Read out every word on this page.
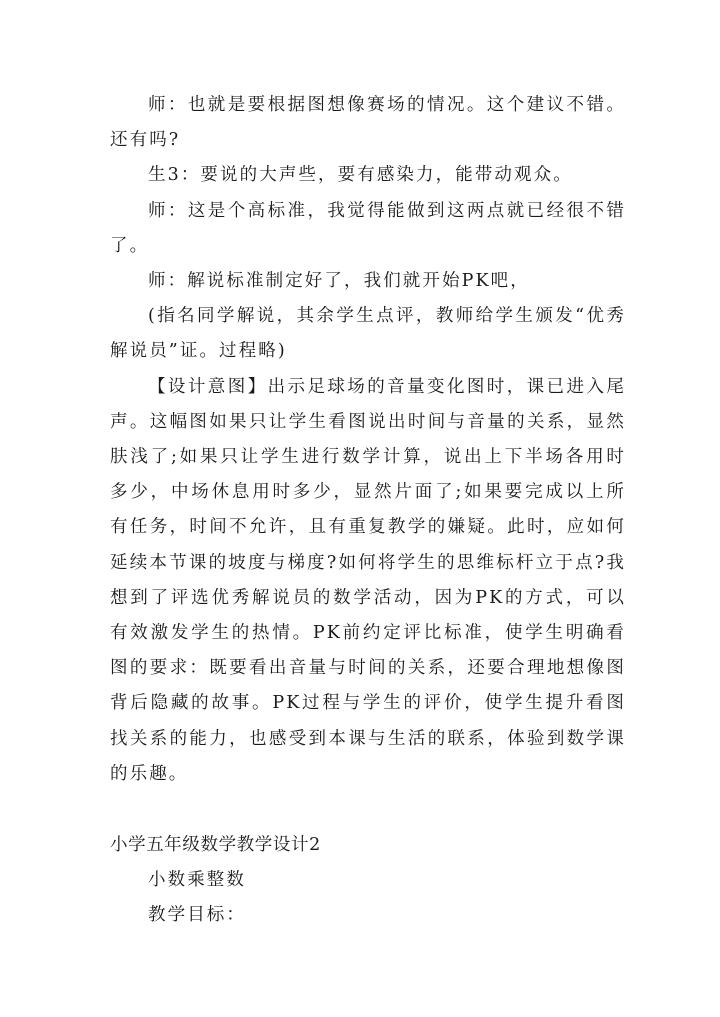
师：也就是要根据图想像赛场的情况。这个建议不错。还有吗?

生3：要说的大声些，要有感染力，能带动观众。

师：这是个高标准，我觉得能做到这两点就已经很不错了。

师：解说标准制定好了，我们就开始PK吧，

(指名同学解说，其余学生点评，教师给学生颁发“优秀解说员”证。过程略)

【设计意图】出示足球场的音量变化图时，课已进入尾声。这幅图如果只让学生看图说出时间与音量的关系，显然肤浅了;如果只让学生进行数学计算，说出上下半场各用时多少，中场休息用时多少，显然片面了;如果要完成以上所有任务，时间不允许，且有重复教学的嫌疑。此时，应如何延续本节课的坡度与梯度?如何将学生的思维标杆立于点?我想到了评选优秀解说员的数学活动，因为PK的方式，可以有效激发学生的热情。PK前约定评比标准，使学生明确看图的要求：既要看出音量与时间的关系，还要合理地想像图背后隐藏的故事。PK过程与学生的评价，使学生提升看图找关系的能力，也感受到本课与生活的联系，体验到数学课的乐趣。

小学五年级数学教学设计2

小数乘整数

教学目标：
